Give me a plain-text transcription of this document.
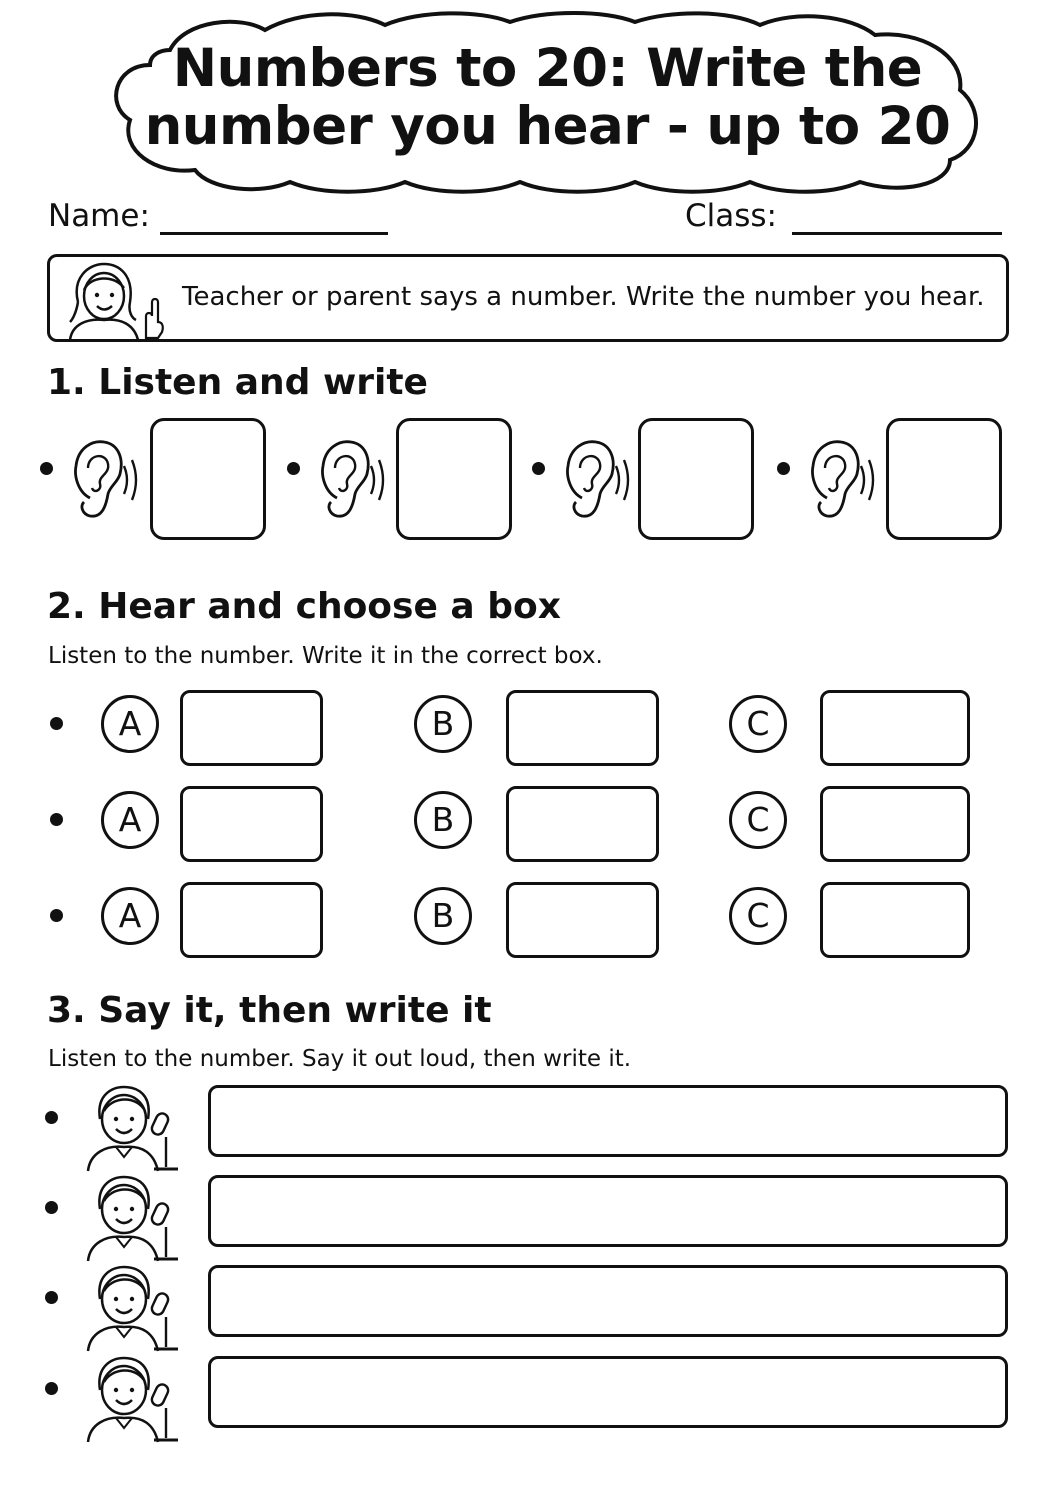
Numbers to 20: Write the number you hear - up to 20
Name:	Class:
Teacher or parent says a number. Write the number you hear.
1. Listen and write
2. Hear and choose a box
Listen to the number. Write it in the correct box.
A	B	C
A	B	C
A	B	C
3. Say it, then write it
Listen to the number. Say it out loud, then write it.
